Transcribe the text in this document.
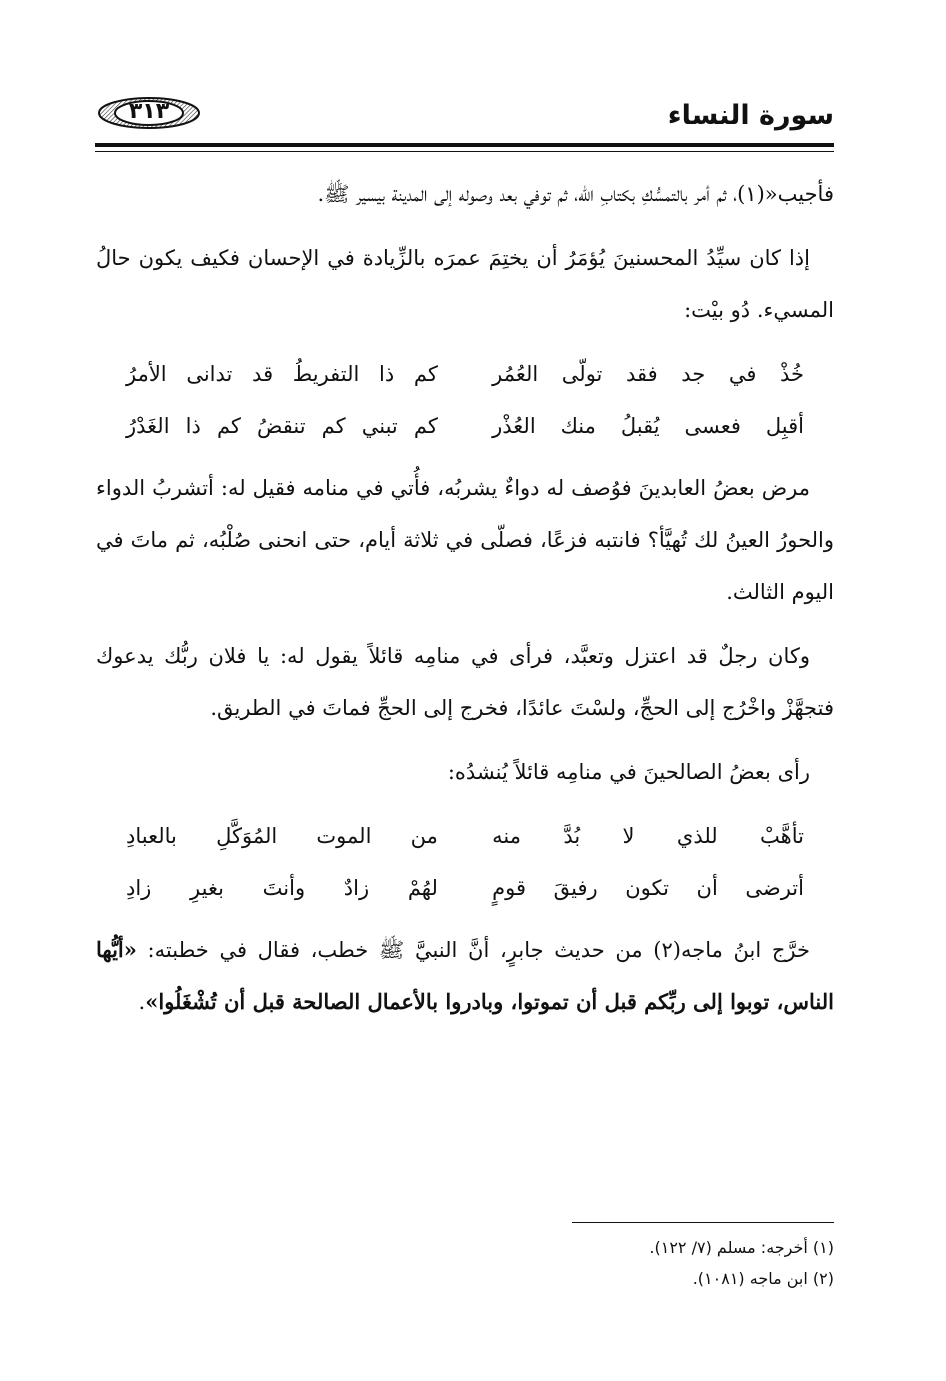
سورة النساء
٣١٣

فأجيب«(١)، ثم أمر بالتمسُّكِ بكتابِ اللّه، ثم توفي بعد وصوله إلى المدينة بيسير ﷺ.

إذا كان سيِّدُ المحسنينَ يُؤمَرُ أن يختِمَ عمرَه بالزِّيادة في الإحسان فكيف يكون حالُ المسيء. دُو بيْت:

خُذْ في جد فقد تولّى العُمُر
كم ذا التفريطُ قد تدانى الأمرُ
أقبِل فعسى يُقبلُ منك العُذْر
كم تبني كم تنقضُ كم ذا الغَدْرُ

مرض بعضُ العابدينَ فوُصف له دواءٌ يشربُه، فأُتي في منامه فقيل له: أتشربُ الدواء والحورُ العينُ لك تُهيَّأ؟ فانتبه فزعًا، فصلّى في ثلاثة أيام، حتى انحنى صُلْبُه، ثم ماتَ في اليوم الثالث.

وكان رجلٌ قد اعتزل وتعبَّد، فرأى في منامِه قائلاً يقول له: يا فلان ربُّك يدعوك فتجهَّزْ واخْرُج إلى الحجِّ، ولسْتَ عائدًا، فخرج إلى الحجِّ فماتَ في الطريق.

رأى بعضُ الصالحينَ في منامِه قائلاً يُنشدُه:

تأهَّبْ للذي لا بُدَّ منه
من الموت المُوَكَّلِ بالعبادِ
أترضى أن تكون رفيقَ قومٍ
لهُمْ زادٌ وأنتَ بغيرِ زادِ

خرَّج ابنُ ماجه(٢) من حديث جابرٍ، أنَّ النبيَّ ﷺ خطب، فقال في خطبته: «أيُّها الناس، توبوا إلى ربِّكم قبل أن تموتوا، وبادروا بالأعمال الصالحة قبل أن تُشْغَلُوا».

(١) أخرجه: مسلم (٧/ ١٢٢).
(٢) ابن ماجه (١٠٨١).
